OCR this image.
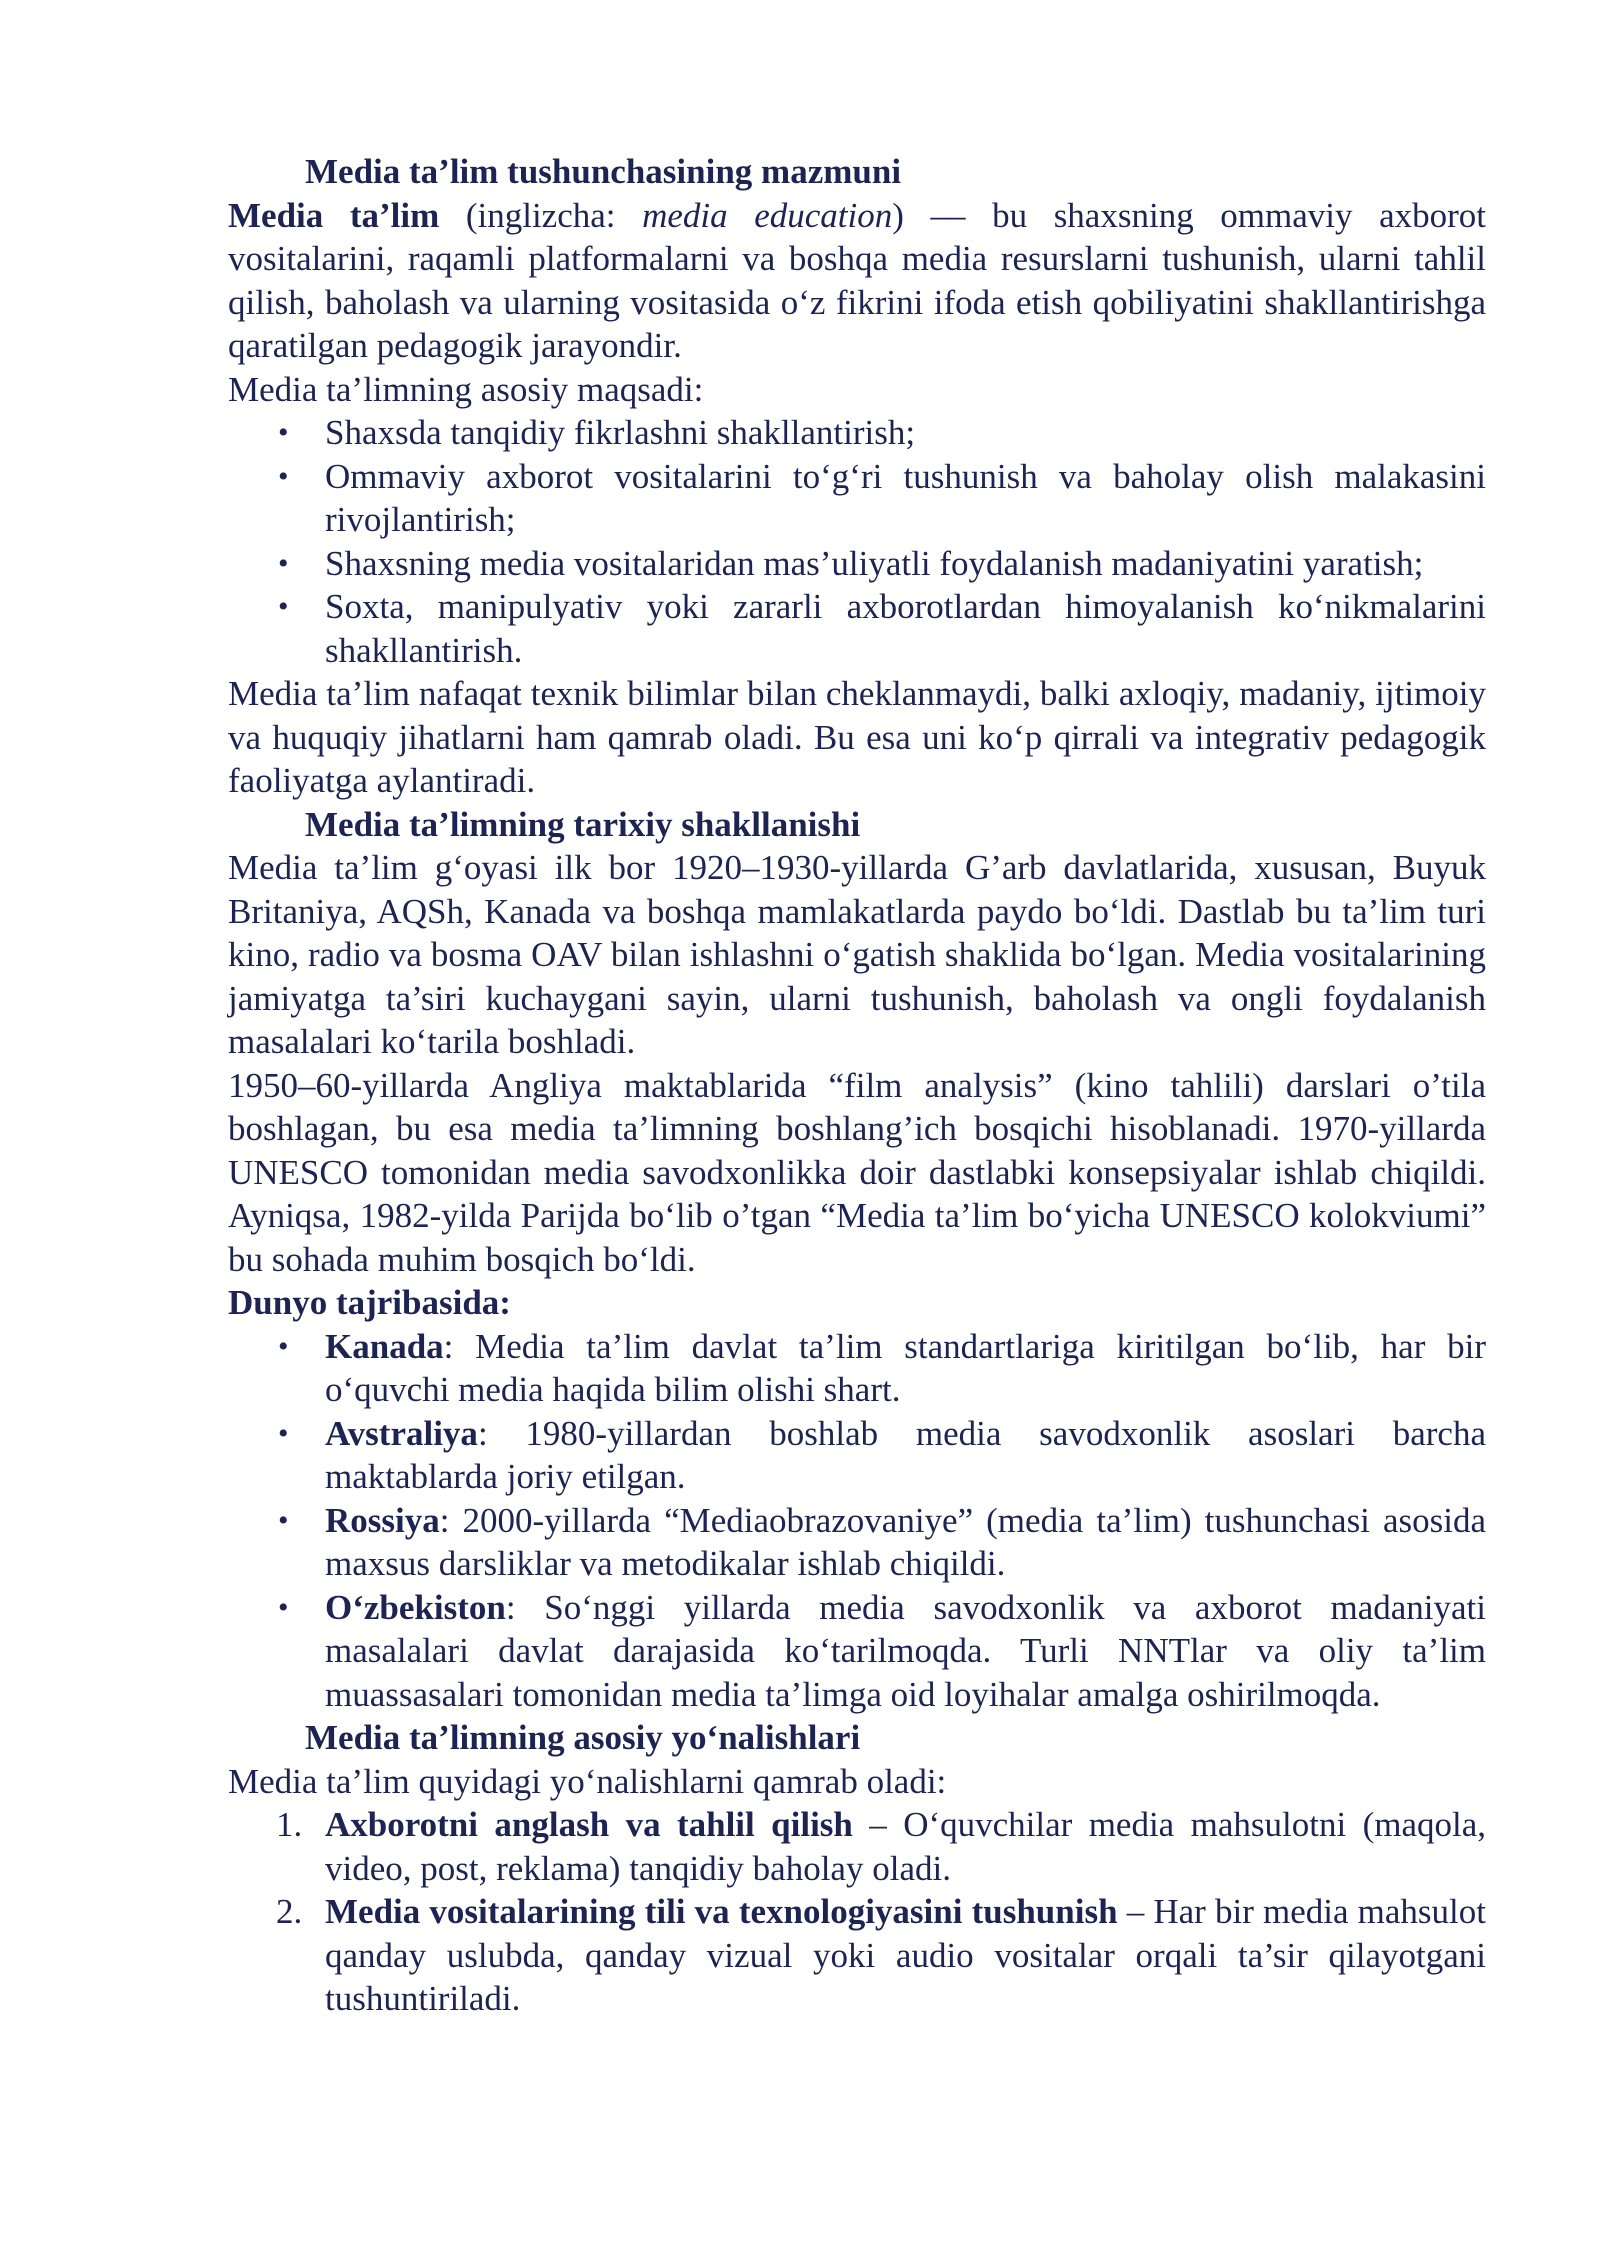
Media ta’lim tushunchasining mazmuni

Media ta’lim (inglizcha: media education) –– bu shaxsning ommaviy axborot vositalarini, raqamli platformalarni va boshqa media resurslarni tushunish, ularni tahlil qilish, baholash va ularning vositasida o‘z fikrini ifoda etish qobiliyatini shakllantirishga qaratilgan pedagogik jarayondir.

Media ta’limning asosiy maqsadi:

• Shaxsda tanqidiy fikrlashni shakllantirish;
• Ommaviy axborot vositalarini to‘g‘ri tushunish va baholay olish malakasini rivojlantirish;
• Shaxsning media vositalaridan mas’uliyatli foydalanish madaniyatini yaratish;
• Soxta, manipulyativ yoki zararli axborotlardan himoyalanish ko‘nikmalarini shakllantirish.

Media ta’lim nafaqat texnik bilimlar bilan cheklanmaydi, balki axloqiy, madaniy, ijtimoiy va huquqiy jihatlarni ham qamrab oladi. Bu esa uni ko‘p qirrali va integrativ pedagogik faoliyatga aylantiradi.

Media ta’limning tarixiy shakllanishi

Media ta’lim g‘oyasi ilk bor 1920–1930-yillarda G’arb davlatlarida, xususan, Buyuk Britaniya, AQSh, Kanada va boshqa mamlakatlarda paydo bo‘ldi. Dastlab bu ta’lim turi kino, radio va bosma OAV bilan ishlashni o‘gatish shaklida bo‘lgan. Media vositalarining jamiyatga ta’siri kuchaygani sayin, ularni tushunish, baholash va ongli foydalanish masalalari ko‘tarila boshladi.

1950–60-yillarda Angliya maktablarida “film analysis” (kino tahlili) darslari o’tila boshlagan, bu esa media ta’limning boshlang’ich bosqichi hisoblanadi. 1970-yillarda UNESCO tomonidan media savodxonlikka doir dastlabki konsepsiyalar ishlab chiqildi. Ayniqsa, 1982-yilda Parijda bo‘lib o’tgan “Media ta’lim bo‘yicha UNESCO kolokviumi” bu sohada muhim bosqich bo‘ldi.

Dunyo tajribasida:

• Kanada: Media ta’lim davlat ta’lim standartlariga kiritilgan bo‘lib, har bir o‘quvchi media haqida bilim olishi shart.
• Avstraliya: 1980-yillardan boshlab media savodxonlik asoslari barcha maktablarda joriy etilgan.
• Rossiya: 2000-yillarda “Mediaobrazovaniye” (media ta’lim) tushunchasi asosida maxsus darsliklar va metodikalar ishlab chiqildi.
• O‘zbekiston: So‘nggi yillarda media savodxonlik va axborot madaniyati masalalari davlat darajasida ko‘tarilmoqda. Turli NNTlar va oliy ta’lim muassasalari tomonidan media ta’limga oid loyihalar amalga oshirilmoqda.

Media ta’limning asosiy yo‘nalishlari

Media ta’lim quyidagi yo‘nalishlarni qamrab oladi:

1. Axborotni anglash va tahlil qilish – O‘quvchilar media mahsulotni (maqola, video, post, reklama) tanqidiy baholay oladi.
2. Media vositalarining tili va texnologiyasini tushunish – Har bir media mahsulot qanday uslubda, qanday vizual yoki audio vositalar orqali ta’sir qilayotgani tushuntiriladi.
